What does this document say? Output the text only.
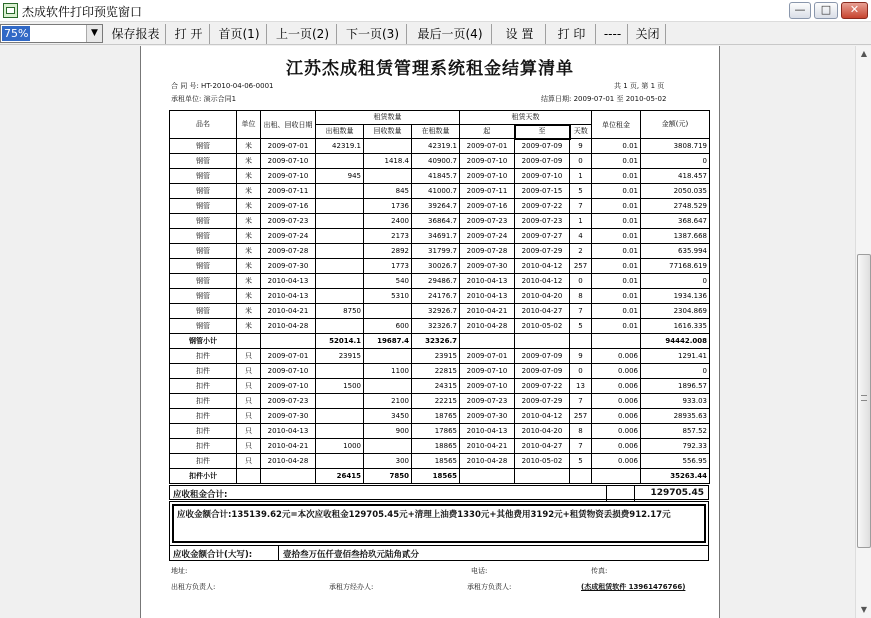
杰成软件打印预览窗口	—	□	✕
75%	▼	保存报表	打 开	首页(1)	上一页(2)	下一页(3)	最后一页(4)	设 置	打 印	----	关闭
▲
▼
江苏杰成租赁管理系统租金结算清单
合 同 号: HT-2010-04-06-0001	共 1 页, 第 1 页
承租单位: 演示合同1	结算日期: 2009-07-01 至 2010-05-02
品名	单位	出租、回收日期	租赁数量			租赁天数			单位租金	金额(元)
			出租数量	回收数量	在租数量	起	至	天数		
钢管	米	2009-07-01	42319.1		42319.1	2009-07-01	2009-07-09	9	0.01	3808.719
钢管	米	2009-07-10		1418.4	40900.7	2009-07-10	2009-07-09	0	0.01	0
钢管	米	2009-07-10	945		41845.7	2009-07-10	2009-07-10	1	0.01	418.457
钢管	米	2009-07-11		845	41000.7	2009-07-11	2009-07-15	5	0.01	2050.035
钢管	米	2009-07-16		1736	39264.7	2009-07-16	2009-07-22	7	0.01	2748.529
钢管	米	2009-07-23		2400	36864.7	2009-07-23	2009-07-23	1	0.01	368.647
钢管	米	2009-07-24		2173	34691.7	2009-07-24	2009-07-27	4	0.01	1387.668
钢管	米	2009-07-28		2892	31799.7	2009-07-28	2009-07-29	2	0.01	635.994
钢管	米	2009-07-30		1773	30026.7	2009-07-30	2010-04-12	257	0.01	77168.619
钢管	米	2010-04-13		540	29486.7	2010-04-13	2010-04-12	0	0.01	0
钢管	米	2010-04-13		5310	24176.7	2010-04-13	2010-04-20	8	0.01	1934.136
钢管	米	2010-04-21	8750		32926.7	2010-04-21	2010-04-27	7	0.01	2304.869
钢管	米	2010-04-28		600	32326.7	2010-04-28	2010-05-02	5	0.01	1616.335
钢管小计			52014.1	19687.4	32326.7					94442.008
扣件	只	2009-07-01	23915		23915	2009-07-01	2009-07-09	9	0.006	1291.41
扣件	只	2009-07-10		1100	22815	2009-07-10	2009-07-09	0	0.006	0
扣件	只	2009-07-10	1500		24315	2009-07-10	2009-07-22	13	0.006	1896.57
扣件	只	2009-07-23		2100	22215	2009-07-23	2009-07-29	7	0.006	933.03
扣件	只	2009-07-30		3450	18765	2009-07-30	2010-04-12	257	0.006	28935.63
扣件	只	2010-04-13		900	17865	2010-04-13	2010-04-20	8	0.006	857.52
扣件	只	2010-04-21	1000		18865	2010-04-21	2010-04-27	7	0.006	792.33
扣件	只	2010-04-28		300	18565	2010-04-28	2010-05-02	5	0.006	556.95
扣件小计			26415	7850	18565					35263.44
应收租金合计:	129705.45
应收金额合计:135139.62元=本次应收租金129705.45元+清理上油费1330元+其他费用3192元+租赁物资丢损费912.17元
应收金额合计(大写):	壹拾叁万伍仟壹佰叁拾玖元陆角贰分
地址:	电话:	传真:
出租方负责人:	承租方经办人:	承租方负责人:	(杰成租赁软件 13961476766)
